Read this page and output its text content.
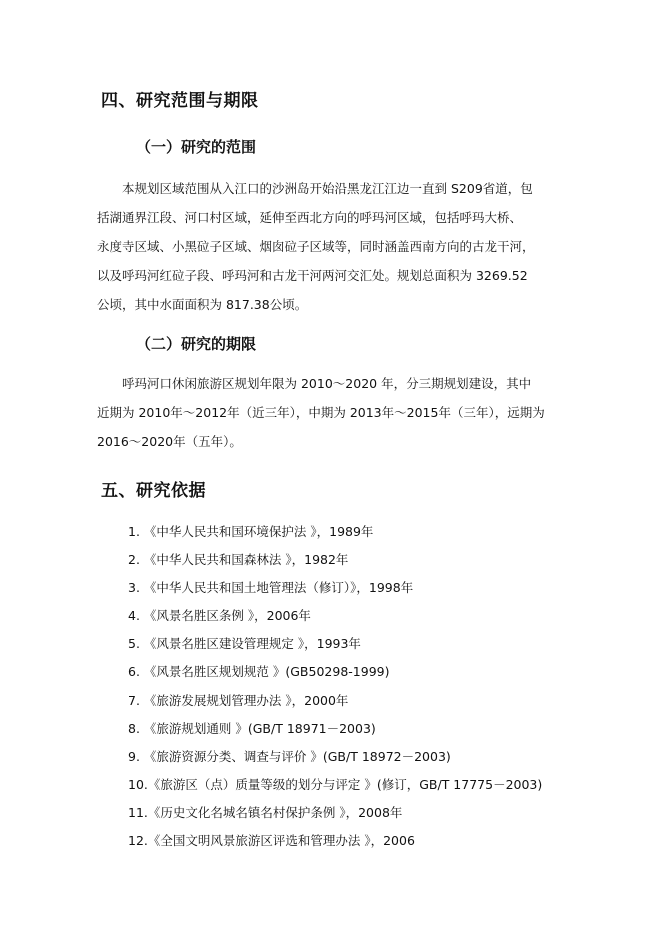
四、研究范围与期限
（一）研究的范围
本规划区域范围从入江口的沙洲岛开始沿黑龙江江边一直到 S209省道，包
括湖通界江段、河口村区域，延伸至西北方向的呼玛河区域，包括呼玛大桥、
永度寺区域、小黑砬子区域、烟囱砬子区域等，同时涵盖西南方向的古龙干河，
以及呼玛河红砬子段、呼玛河和古龙干河两河交汇处。规划总面积为 3269.52
公顷，其中水面面积为 817.38公顷。
（二）研究的期限
呼玛河口休闲旅游区规划年限为 2010～2020 年，分三期规划建设，其中
近期为 2010年～2012年（近三年），中期为 2013年～2015年（三年），远期为
2016～2020年（五年）。
五、研究依据
1. 《中华人民共和国环境保护法 》，1989年
2. 《中华人民共和国森林法 》，1982年
3. 《中华人民共和国土地管理法（修订）》，1998年
4. 《风景名胜区条例 》，2006年
5. 《风景名胜区建设管理规定 》，1993年
6. 《风景名胜区规划规范 》(GB50298-1999)
7. 《旅游发展规划管理办法 》，2000年
8. 《旅游规划通则 》(GB/T 18971－2003)
9. 《旅游资源分类、调查与评价 》(GB/T 18972－2003)
10.《旅游区（点）质量等级的划分与评定 》(修订，GB/T 17775－2003)
11.《历史文化名城名镇名村保护条例 》，2008年
12.《全国文明风景旅游区评选和管理办法 》，2006
